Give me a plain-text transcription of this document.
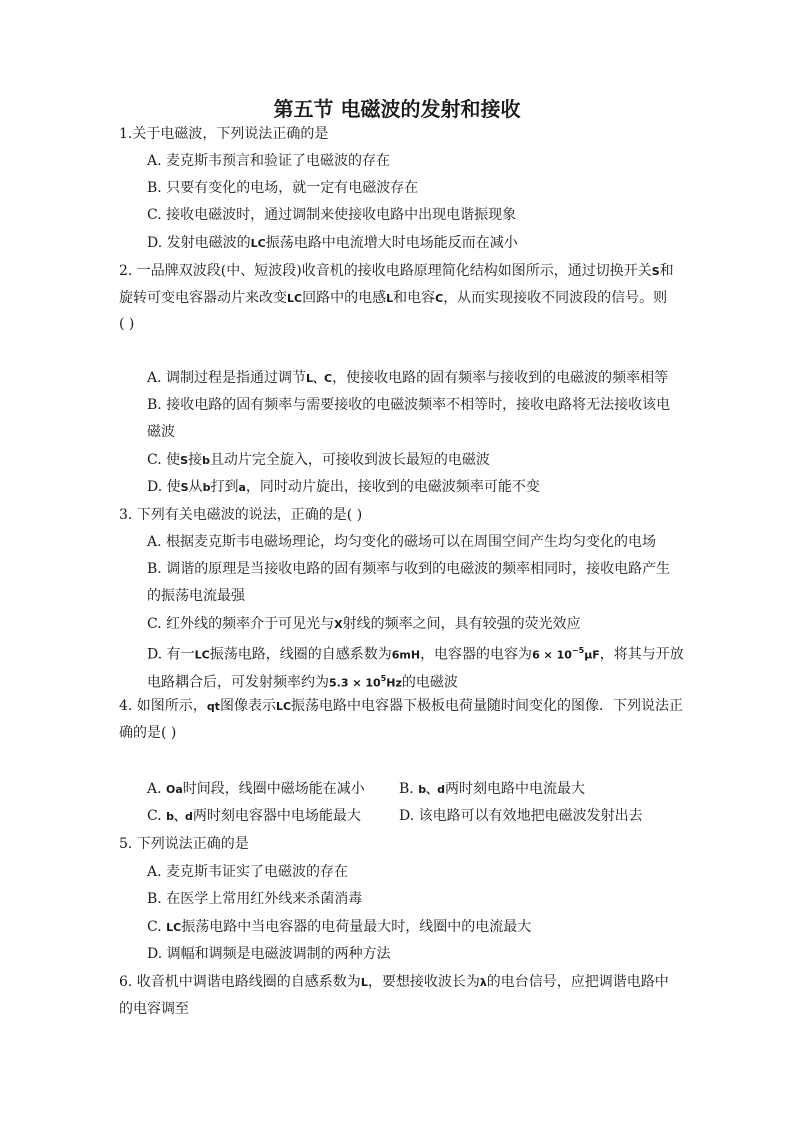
第五节 电磁波的发射和接收
1.关于电磁波，下列说法正确的是
A. 麦克斯韦预言和验证了电磁波的存在
B. 只要有变化的电场，就一定有电磁波存在
C. 接收电磁波时，通过调制来使接收电路中出现电谐振现象
D. 发射电磁波的LC振荡电路中电流增大时电场能反而在减小
2. 一品牌双波段(中、短波段)收音机的接收电路原理简化结构如图所示，通过切换开关S和
旋转可变电容器动片来改变LC回路中的电感L和电容C，从而实现接收不同波段的信号。则
( )
A. 调制过程是指通过调节L、C，使接收电路的固有频率与接收到的电磁波的频率相等
B. 接收电路的固有频率与需要接收的电磁波频率不相等时，接收电路将无法接收该电
磁波
C. 使S接b且动片完全旋入，可接收到波长最短的电磁波
D. 使S从b打到a，同时动片旋出，接收到的电磁波频率可能不变
3. 下列有关电磁波的说法，正确的是( )
A. 根据麦克斯韦电磁场理论，均匀变化的磁场可以在周围空间产生均匀变化的电场
B. 调谐的原理是当接收电路的固有频率与收到的电磁波的频率相同时，接收电路产生
的振荡电流最强
C. 红外线的频率介于可见光与X射线的频率之间，具有较强的荧光效应
D. 有一LC振荡电路，线圈的自感系数为6mH，电容器的电容为$6 \times 10^{-5}\mu F$，将其与开放
电路耦合后，可发射频率约为$5.3 \times 10^5Hz$的电磁波
4. 如图所示，qt图像表示LC振荡电路中电容器下极板电荷量随时间变化的图像．下列说法正
确的是( )
A. Oa时间段，线圈中磁场能在减小 B. b、d两时刻电路中电流最大
C. b、d两时刻电容器中电场能最大	D. 该电路可以有效地把电磁波发射出去
5. 下列说法正确的是
A. 麦克斯韦证实了电磁波的存在
B. 在医学上常用红外线来杀菌消毒
C. LC振荡电路中当电容器的电荷量最大时，线圈中的电流最大
D. 调幅和调频是电磁波调制的两种方法
6. 收音机中调谐电路线圈的自感系数为L，要想接收波长为λ的电台信号，应把调谐电路中
的电容调至
